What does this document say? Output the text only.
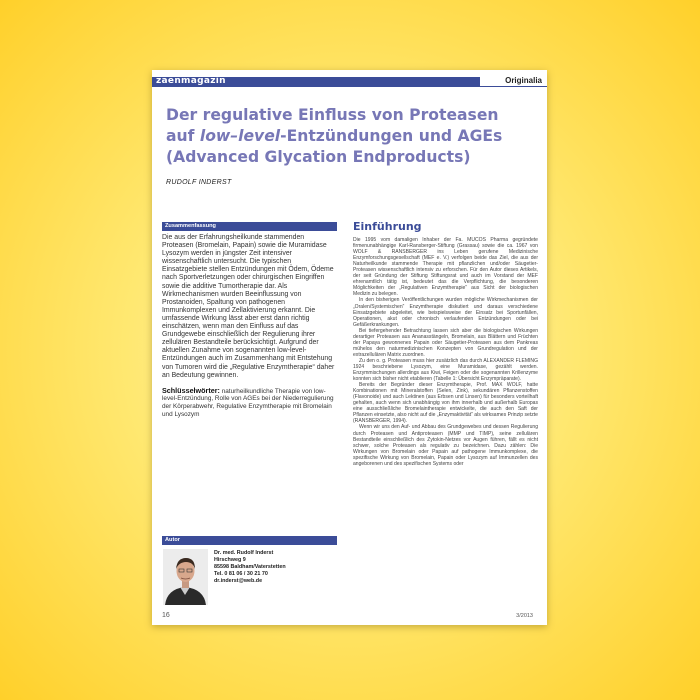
zaenmagazin	Originalia
Der regulative Einfluss von Proteasen
auf low–level-Entzündungen und AGEs
(Advanced Glycation Endproducts)
RUDOLF INDERST
Zusammenfassung

Die aus der Erfahrungsheilkunde stammenden Proteasen (Bromelain, Papain) sowie die Muramidase Lysozym werden in jüngster Zeit intensiver wissenschaftlich untersucht. Die typischen Einsatzgebiete stellen Entzündungen mit Ödem, Ödeme nach Sportverletzungen oder chirurgischen Eingriffen sowie die additive Tumortherapie dar. Als Wirkmechanismen wurden Beeinflussung von Prostanoiden, Spaltung von pathogenen Immunkomplexen und Zellaktivierung erkannt. Die umfassende Wirkung lässt aber erst dann richtig einschätzen, wenn man den Einfluss auf das Grundgewebe einschließlich der Regulierung ihrer zellulären Bestandteile berücksichtigt. Aufgrund der aktuellen Zunahme von sogenannten low-level-Entzündungen auch im Zusammenhang mit Entstehung von Tumoren wird die „Regulative Enzymtherapie“ daher an Bedeutung gewinnen.

Schlüsselwörter: naturheilkundliche Therapie von low-level-Entzündung, Rolle von AGEs bei der Niederregulierung der Körperabwehr, Regulative Enzymtherapie mit Bromelain und Lysozym

Einführung

Die 1995 vom damaligen Inhaber der Fa. MUCOS Pharma gegründete firmenunabhängige Karl-Ransberger-Stiftung (Grassau) sowie die ca. 1967 von WOLF & RANSBERGER ins Leben gerufene Medizinische Enzymforschungsgesellschaft (MEF e. V.) verfolgen beide das Ziel, die aus der Naturheilkunde stammende Therapie mit pflanzlichen und/oder Säugetier-Proteasen wissenschaftlich intensiv zu erforschen. Für den Autor dieses Artikels, der seit Gründung der Stiftung Stiftungsrat und auch im Vorstand der MEF ehrenamtlich tätig ist, bedeutet das die Verpflichtung, die besonderen Möglichkeiten der „Regulativen Enzymtherapie“ aus Sicht der biologischen Medizin zu belegen.

In den bisherigen Veröffentlichungen wurden mögliche Wirkmechanismen der „Oralen/Systemischen“ Enzymtherapie diskutiert und daraus verschiedene Einsatzgebiete abgeleitet, wie beispielsweise der Einsatz bei Sportunfällen, Operationen, akut oder chronisch verlaufenden Entzündungen oder bei Gefäßerkrankungen.

Bei tiefergehender Betrachtung lassen sich aber die biologischen Wirkungen derartiger Proteasen aus Ananasstängeln, Bromelain, aus Blättern und Früchten der Papaya gewonnenes Papain oder Säugetier-Proteasen aus dem Pankreas mühelos den naturmedizinischen Konzepten von Grundregulation und der extrazellulären Matrix zuordnen.

Zu den o. g. Proteasen muss hier zusätzlich das durch ALEXANDER FLEMING 1924 beschriebene Lysozym, eine Muramidase, gezählt werden. Enzymmischungen allerdings aus Kiwi, Feigen oder die sogenannten Krillenzyme konnten sich bisher nicht etablieren (Tabelle 1: Übersicht Enzympräparate).

Bereits der Begründer dieser Enzymtherapie, Prof. MAX WOLF, hatte Kombinationen mit Mineralstoffen (Selen, Zink), sekundären Pflanzenstoffen (Flavonoide) und auch Lektinen (aus Erbsen und Linsen) für besonders vorteilhaft gehalten, auch wenn sich unabhängig von ihm innerhalb und außerhalb Europas eine ausschließliche Bromelaintherapie entwickelte, die auch den Saft der Pflanzen einsetzte, also nicht auf die „Enzymaktivität“ als wirksames Prinzip setzte (RANSBERGER, 1994).

Wenn wir uns den Auf- und Abbau des Grundgewebes und dessen Regulierung durch Proteasen und Antiproteasen (MMP und TIMP), seine zellulären Bestandteile einschließlich des Zytokin-Netzes vor Augen führen, fällt es nicht schwer, solche Proteasen als regulativ zu bezeichnen. Dazu zählen: Die Wirkungen von Bromelain oder Papain auf pathogene Immunkomplexe, die spezifische Wirkung von Bromelain, Papain oder Lysozym auf Immunzellen des angeborenen und des spezifischen Systems oder

Autor
Dr. med. Rudolf Inderst
Hirschweg 9
85598 Baldham/Vaterstetten
Tel. 0 81 06 / 30 21 70
dr.inderst@web.de
16	3/2013
